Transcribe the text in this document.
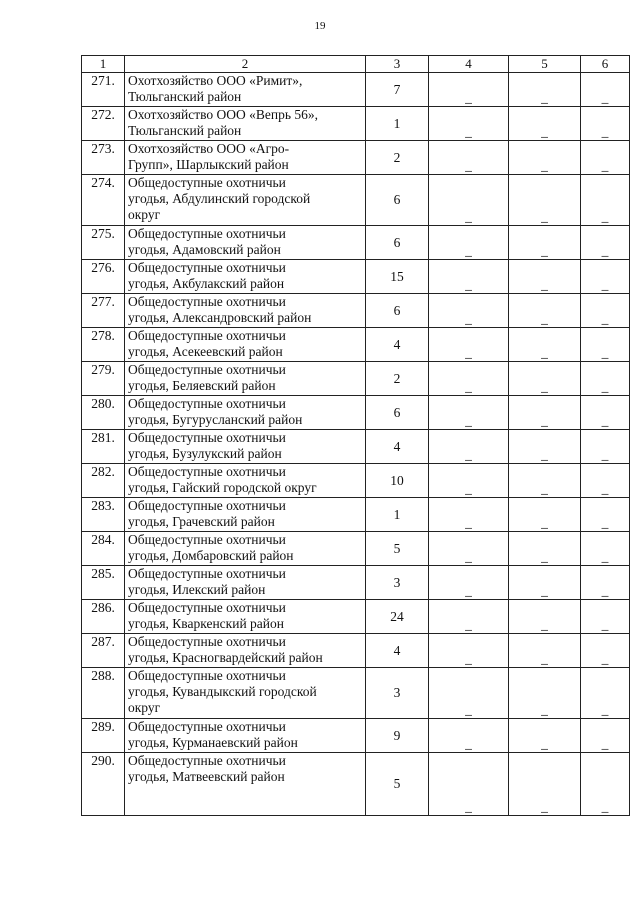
19
1	2	3	4	5	6
271.	Охотхозяйство ООО «Римит»,
Тюльганский район	7	_	_	_
272.	Охотхозяйство ООО «Вепрь 56»,
Тюльганский район	1	_	_	_
273.	Охотхозяйство ООО «Агро-
Групп», Шарлыкский район	2	_	_	_
274.	Общедоступные охотничьи
угодья, Абдулинский городской
округ	6	_	_	_
275.	Общедоступные охотничьи
угодья, Адамовский район	6	_	_	_
276.	Общедоступные охотничьи
угодья, Акбулакский район	15	_	_	_
277.	Общедоступные охотничьи
угодья, Александровский район	6	_	_	_
278.	Общедоступные охотничьи
угодья, Асекеевский район	4	_	_	_
279.	Общедоступные охотничьи
угодья, Беляевский район	2	_	_	_
280.	Общедоступные охотничьи
угодья, Бугурусланский район	6	_	_	_
281.	Общедоступные охотничьи
угодья, Бузулукский район	4	_	_	_
282.	Общедоступные охотничьи
угодья, Гайский городской округ	10	_	_	_
283.	Общедоступные охотничьи
угодья, Грачевский район	1	_	_	_
284.	Общедоступные охотничьи
угодья, Домбаровский район	5	_	_	_
285.	Общедоступные охотничьи
угодья, Илекский район	3	_	_	_
286.	Общедоступные охотничьи
угодья, Кваркенский район	24	_	_	_
287.	Общедоступные охотничьи
угодья, Красногвардейский район	4	_	_	_
288.	Общедоступные охотничьи
угодья, Кувандыкский городской
округ	3	_	_	_
289.	Общедоступные охотничьи
угодья, Курманаевский район	9	_	_	_
290.	Общедоступные охотничьи
угодья, Матвеевский район	5	_	_	_
